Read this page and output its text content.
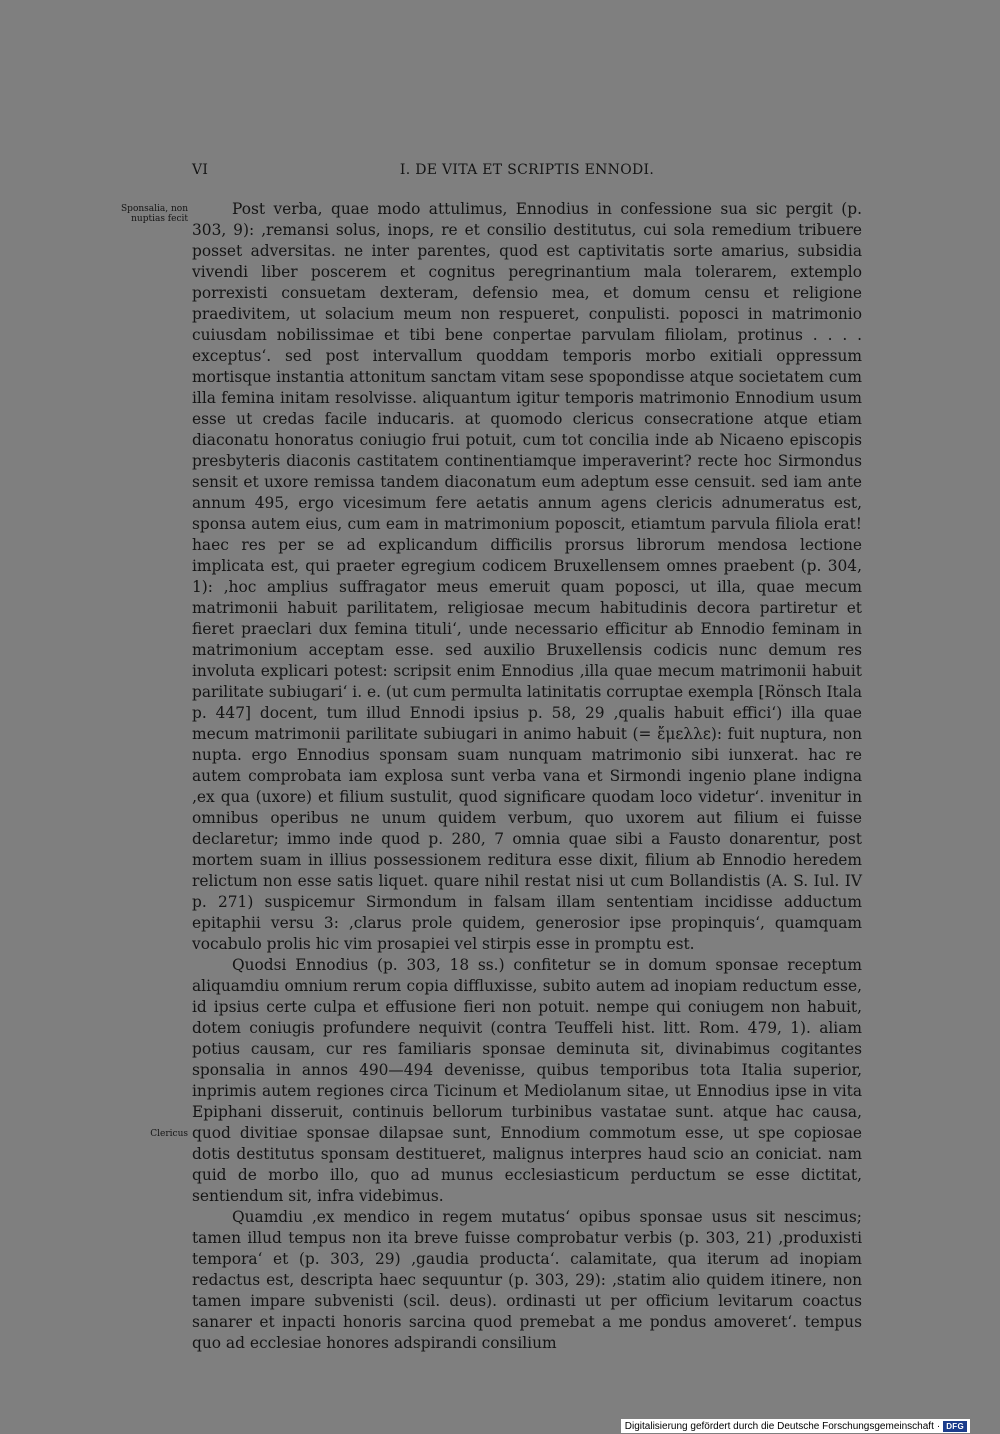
VI	I. DE VITA ET SCRIPTIS ENNODI.
Sponsalia, non nuptias fecit
Clericus

Post verba, quae modo attulimus, Ennodius in confessione sua sic pergit (p. 303, 9): ‚remansi solus, inops, re et consilio destitutus, cui sola remedium tribuere posset adversitas. ne inter parentes, quod est captivitatis sorte amarius, subsidia vivendi liber poscerem et cognitus peregrinantium mala tolerarem, extemplo porrexisti consuetam dexteram, defensio mea, et domum censu et religione praedivitem, ut solacium meum non respueret, conpulisti. poposci in matrimonio cuiusdam nobilissimae et tibi bene conpertae parvulam filiolam, protinus . . . . exceptus‘. sed post intervallum quoddam temporis morbo exitiali oppressum mortisque instantia attonitum sanctam vitam sese spopondisse atque societatem cum illa femina initam resolvisse. aliquantum igitur temporis matrimonio Ennodium usum esse ut credas facile inducaris. at quomodo clericus consecratione atque etiam diaconatu honoratus coniugio frui potuit, cum tot concilia inde ab Nicaeno episcopis presbyteris diaconis castitatem continentiamque imperaverint? recte hoc Sirmondus sensit et uxore remissa tandem diaconatum eum adeptum esse censuit. sed iam ante annum 495, ergo vicesimum fere aetatis annum agens clericis adnumeratus est, sponsa autem eius, cum eam in matrimonium poposcit, etiamtum parvula filiola erat! haec res per se ad explicandum difficilis prorsus librorum mendosa lectione implicata est, qui praeter egregium codicem Bruxellensem omnes praebent (p. 304, 1): ‚hoc amplius suffragator meus emeruit quam poposci, ut illa, quae mecum matrimonii habuit parilitatem, religiosae mecum habitudinis decora partiretur et fieret praeclari dux femina tituli‘, unde necessario efficitur ab Ennodio feminam in matrimonium acceptam esse. sed auxilio Bruxellensis codicis nunc demum res involuta explicari potest: scripsit enim Ennodius ‚illa quae mecum matrimonii habuit parilitate subiugari‘ i. e. (ut cum permulta latinitatis corruptae exempla [Rönsch Itala p. 447] docent, tum illud Ennodi ipsius p. 58, 29 ‚qualis habuit effici‘) illa quae mecum matrimonii parilitate subiugari in animo habuit (= ἔμελλε): fuit nuptura, non nupta. ergo Ennodius sponsam suam nunquam matrimonio sibi iunxerat. hac re autem comprobata iam explosa sunt verba vana et Sirmondi ingenio plane indigna ‚ex qua (uxore) et filium sustulit, quod significare quodam loco videtur‘. invenitur in omnibus operibus ne unum quidem verbum, quo uxorem aut filium ei fuisse declaretur; immo inde quod p. 280, 7 omnia quae sibi a Fausto donarentur, post mortem suam in illius possessionem reditura esse dixit, filium ab Ennodio heredem relictum non esse satis liquet. quare nihil restat nisi ut cum Bollandistis (A. S. Iul. IV p. 271) suspicemur Sirmondum in falsam illam sententiam incidisse adductum epitaphii versu 3: ‚clarus prole quidem, generosior ipse propinquis‘, quamquam vocabulo prolis hic vim prosapiei vel stirpis esse in promptu est.

Quodsi Ennodius (p. 303, 18 ss.) confitetur se in domum sponsae receptum aliquamdiu omnium rerum copia diffluxisse, subito autem ad inopiam reductum esse, id ipsius certe culpa et effusione fieri non potuit. nempe qui coniugem non habuit, dotem coniugis profundere nequivit (contra Teuffeli hist. litt. Rom. 479, 1). aliam potius causam, cur res familiaris sponsae deminuta sit, divinabimus cogitantes sponsalia in annos 490—494 devenisse, quibus temporibus tota Italia superior, inprimis autem regiones circa Ticinum et Mediolanum sitae, ut Ennodius ipse in vita Epiphani disseruit, continuis bellorum turbinibus vastatae sunt. atque hac causa, quod divitiae sponsae dilapsae sunt, Ennodium commotum esse, ut spe copiosae dotis destitutus sponsam destitueret, malignus interpres haud scio an coniciat. nam quid de morbo illo, quo ad munus ecclesiasticum perductum se esse dictitat, sentiendum sit, infra videbimus.

Quamdiu ‚ex mendico in regem mutatus‘ opibus sponsae usus sit nescimus; tamen illud tempus non ita breve fuisse comprobatur verbis (p. 303, 21) ‚produxisti tempora‘ et (p. 303, 29) ‚gaudia producta‘. calamitate, qua iterum ad inopiam redactus est, descripta haec sequuntur (p. 303, 29): ‚statim alio quidem itinere, non tamen impare subvenisti (scil. deus). ordinasti ut per officium levitarum coactus sanarer et inpacti honoris sarcina quod premebat a me pondus amoveret‘. tempus quo ad ecclesiae honores adspirandi consilium

Digitalisierung gefördert durch die Deutsche Forschungsgemeinschaft · DFG
